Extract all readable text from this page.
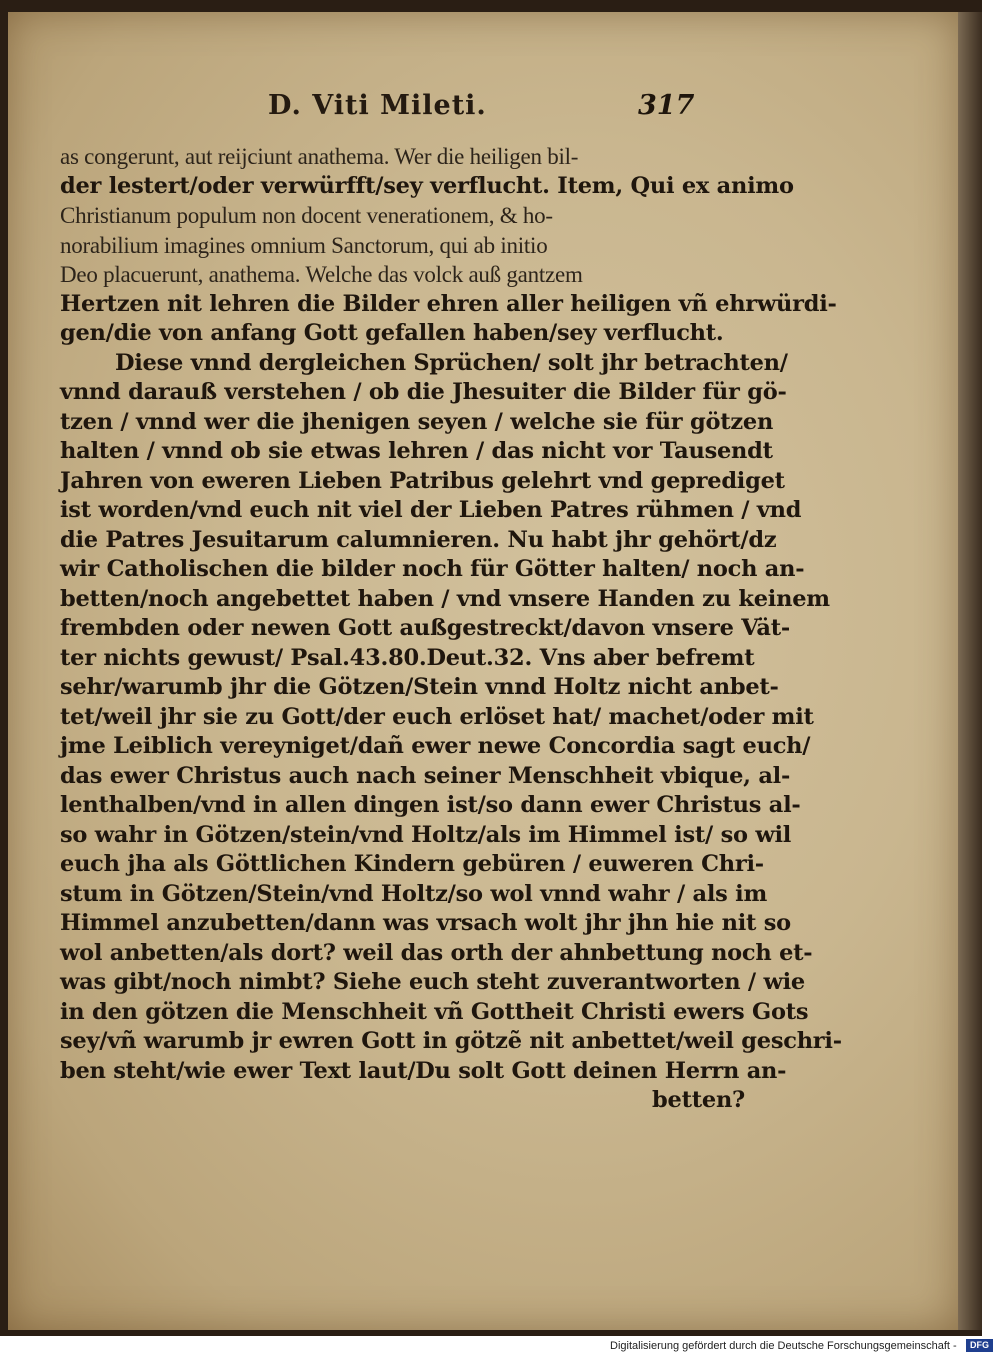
D. Viti Mileti.	317
as congerunt, aut reijciunt anathema. Wer die heiligen bil-
der lestert/oder verwürfft/sey verflucht. Item, Qui ex animo
Christianum populum non docent venerationem, & ho-
norabilium imagines omnium Sanctorum, qui ab initio
Deo placuerunt, anathema. Welche das volck auß gantzem
Hertzen nit lehren die Bilder ehren aller heiligen vñ ehrwürdi-
gen/die von anfang Gott gefallen haben/sey verflucht.
Diese vnnd dergleichen Sprüchen/ solt jhr betrachten/
vnnd darauß verstehen / ob die Jhesuiter die Bilder für gö-
tzen / vnnd wer die jhenigen seyen / welche sie für götzen
halten / vnnd ob sie etwas lehren / das nicht vor Tausendt
Jahren von eweren Lieben Patribus gelehrt vnd geprediget
ist worden/vnd euch nit viel der Lieben Patres rühmen / vnd
die Patres Jesuitarum calumnieren. Nu habt jhr gehört/dz
wir Catholischen die bilder noch für Götter halten/ noch an-
betten/noch angebettet haben / vnd vnsere Handen zu keinem
frembden oder newen Gott außgestreckt/davon vnsere Vät-
ter nichts gewust/ Psal.43.80.Deut.32. Vns aber befremt
sehr/warumb jhr die Götzen/Stein vnnd Holtz nicht anbet-
tet/weil jhr sie zu Gott/der euch erlöset hat/ machet/oder mit
jme Leiblich vereyniget/dañ ewer newe Concordia sagt euch/
das ewer Christus auch nach seiner Menschheit vbique, al-
lenthalben/vnd in allen dingen ist/so dann ewer Christus al-
so wahr in Götzen/stein/vnd Holtz/als im Himmel ist/ so wil
euch jha als Göttlichen Kindern gebüren / euweren Chri-
stum in Götzen/Stein/vnd Holtz/so wol vnnd wahr / als im
Himmel anzubetten/dann was vrsach wolt jhr jhn hie nit so
wol anbetten/als dort? weil das orth der ahnbettung noch et-
was gibt/noch nimbt? Siehe euch steht zuverantworten / wie
in den götzen die Menschheit vñ Gottheit Christi ewers Gots
sey/vñ warumb jr ewren Gott in götzẽ nit anbettet/weil geschri-
ben steht/wie ewer Text laut/Du solt Gott deinen Herrn an-
betten?
Digitalisierung gefördert durch die Deutsche Forschungsgemeinschaft -	DFG
